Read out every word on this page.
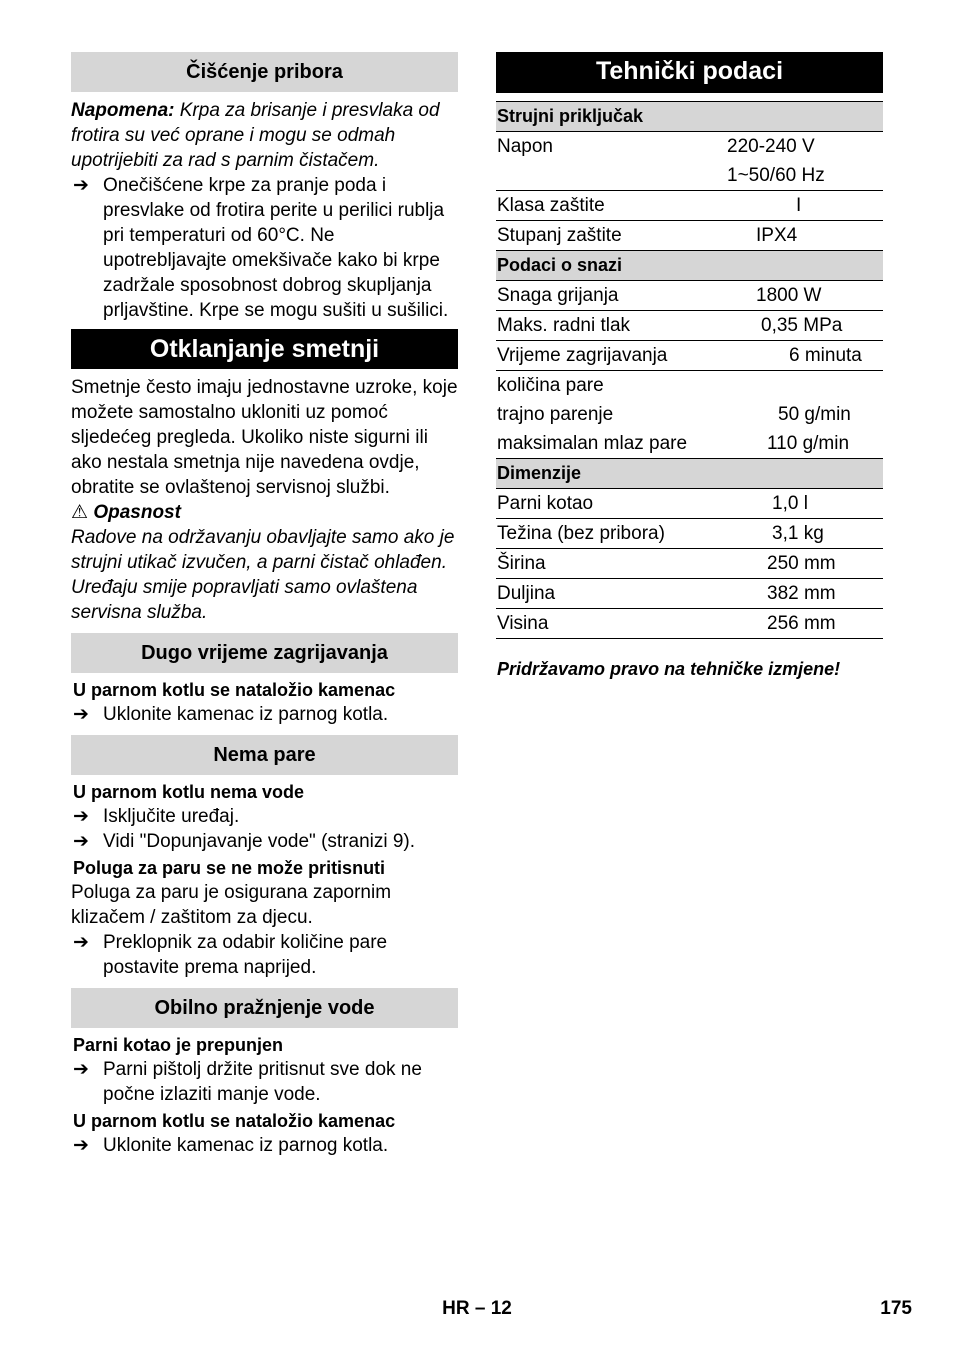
Čišćenje pribora

Napomena: Krpa za brisanje i presvlaka od frotira su već oprane i mogu se odmah upotrijebiti za rad s parnim čistačem.

➔ Onečišćene krpe za pranje poda i presvlake od frotira perite u perilici rublja pri temperaturi od 60°C. Ne upotrebljavajte omekšivače kako bi krpe zadržale sposobnost dobrog skupljanja prljavštine. Krpe se mogu sušiti u sušilici.
Otklanjanje smetnji

Smetnje često imaju jednostavne uzroke, koje možete samostalno ukloniti uz pomoć sljedećeg pregleda. Ukoliko niste sigurni ili ako nestala smetnja nije navedena ovdje, obratite se ovlaštenoj servisnoj službi.

⚠ Opasnost

Radove na održavanju obavljajte samo ako je strujni utikač izvučen, a parni čistač ohlađen.

Uređaju smije popravljati samo ovlaštena servisna služba.

Dugo vrijeme zagrijavanja

U parnom kotlu se natаložio kamenac

➔ Uklonite kamenac iz parnog kotla.
Nema pare

U parnom kotlu nema vode

➔ Isključite uređaj.
➔ Vidi "Dopunjavanje vode" (stranizi 9).

Poluga za paru se ne može pritisnuti

Poluga za paru je osigurana zapornim klizačem / zaštitom za djecu.

➔ Preklopnik za odabir količine pare postavite prema naprijed.
Obilno pražnjenje vode

Parni kotao je prepunjen

➔ Parni pištolj držite pritisnut sve dok ne počne izlaziti manje vode.

U parnom kotlu se natаložio kamenac

➔ Uklonite kamenac iz parnog kotla.
Tehnički podaci
Strujni priključak	
Napon	220-240 V
	1~50/60 Hz
Klasa zaštite	I
Stupanj zaštite	IPX4
Podaci o snazi	
Snaga grijanja	1800 W
Maks. radni tlak	0,35 MPa
Vrijeme zagrijavanja	6 minuta
količina pare	
trajno parenje	50 g/min
maksimalan mlaz pare	110 g/min
Dimenzije	
Parni kotao	1,0 l
Težina (bez pribora)	3,1 kg
Širina	250 mm
Duljina	382 mm
Visina	256 mm

Pridržavamo pravo na tehničke izmjene!

HR – 12	175
